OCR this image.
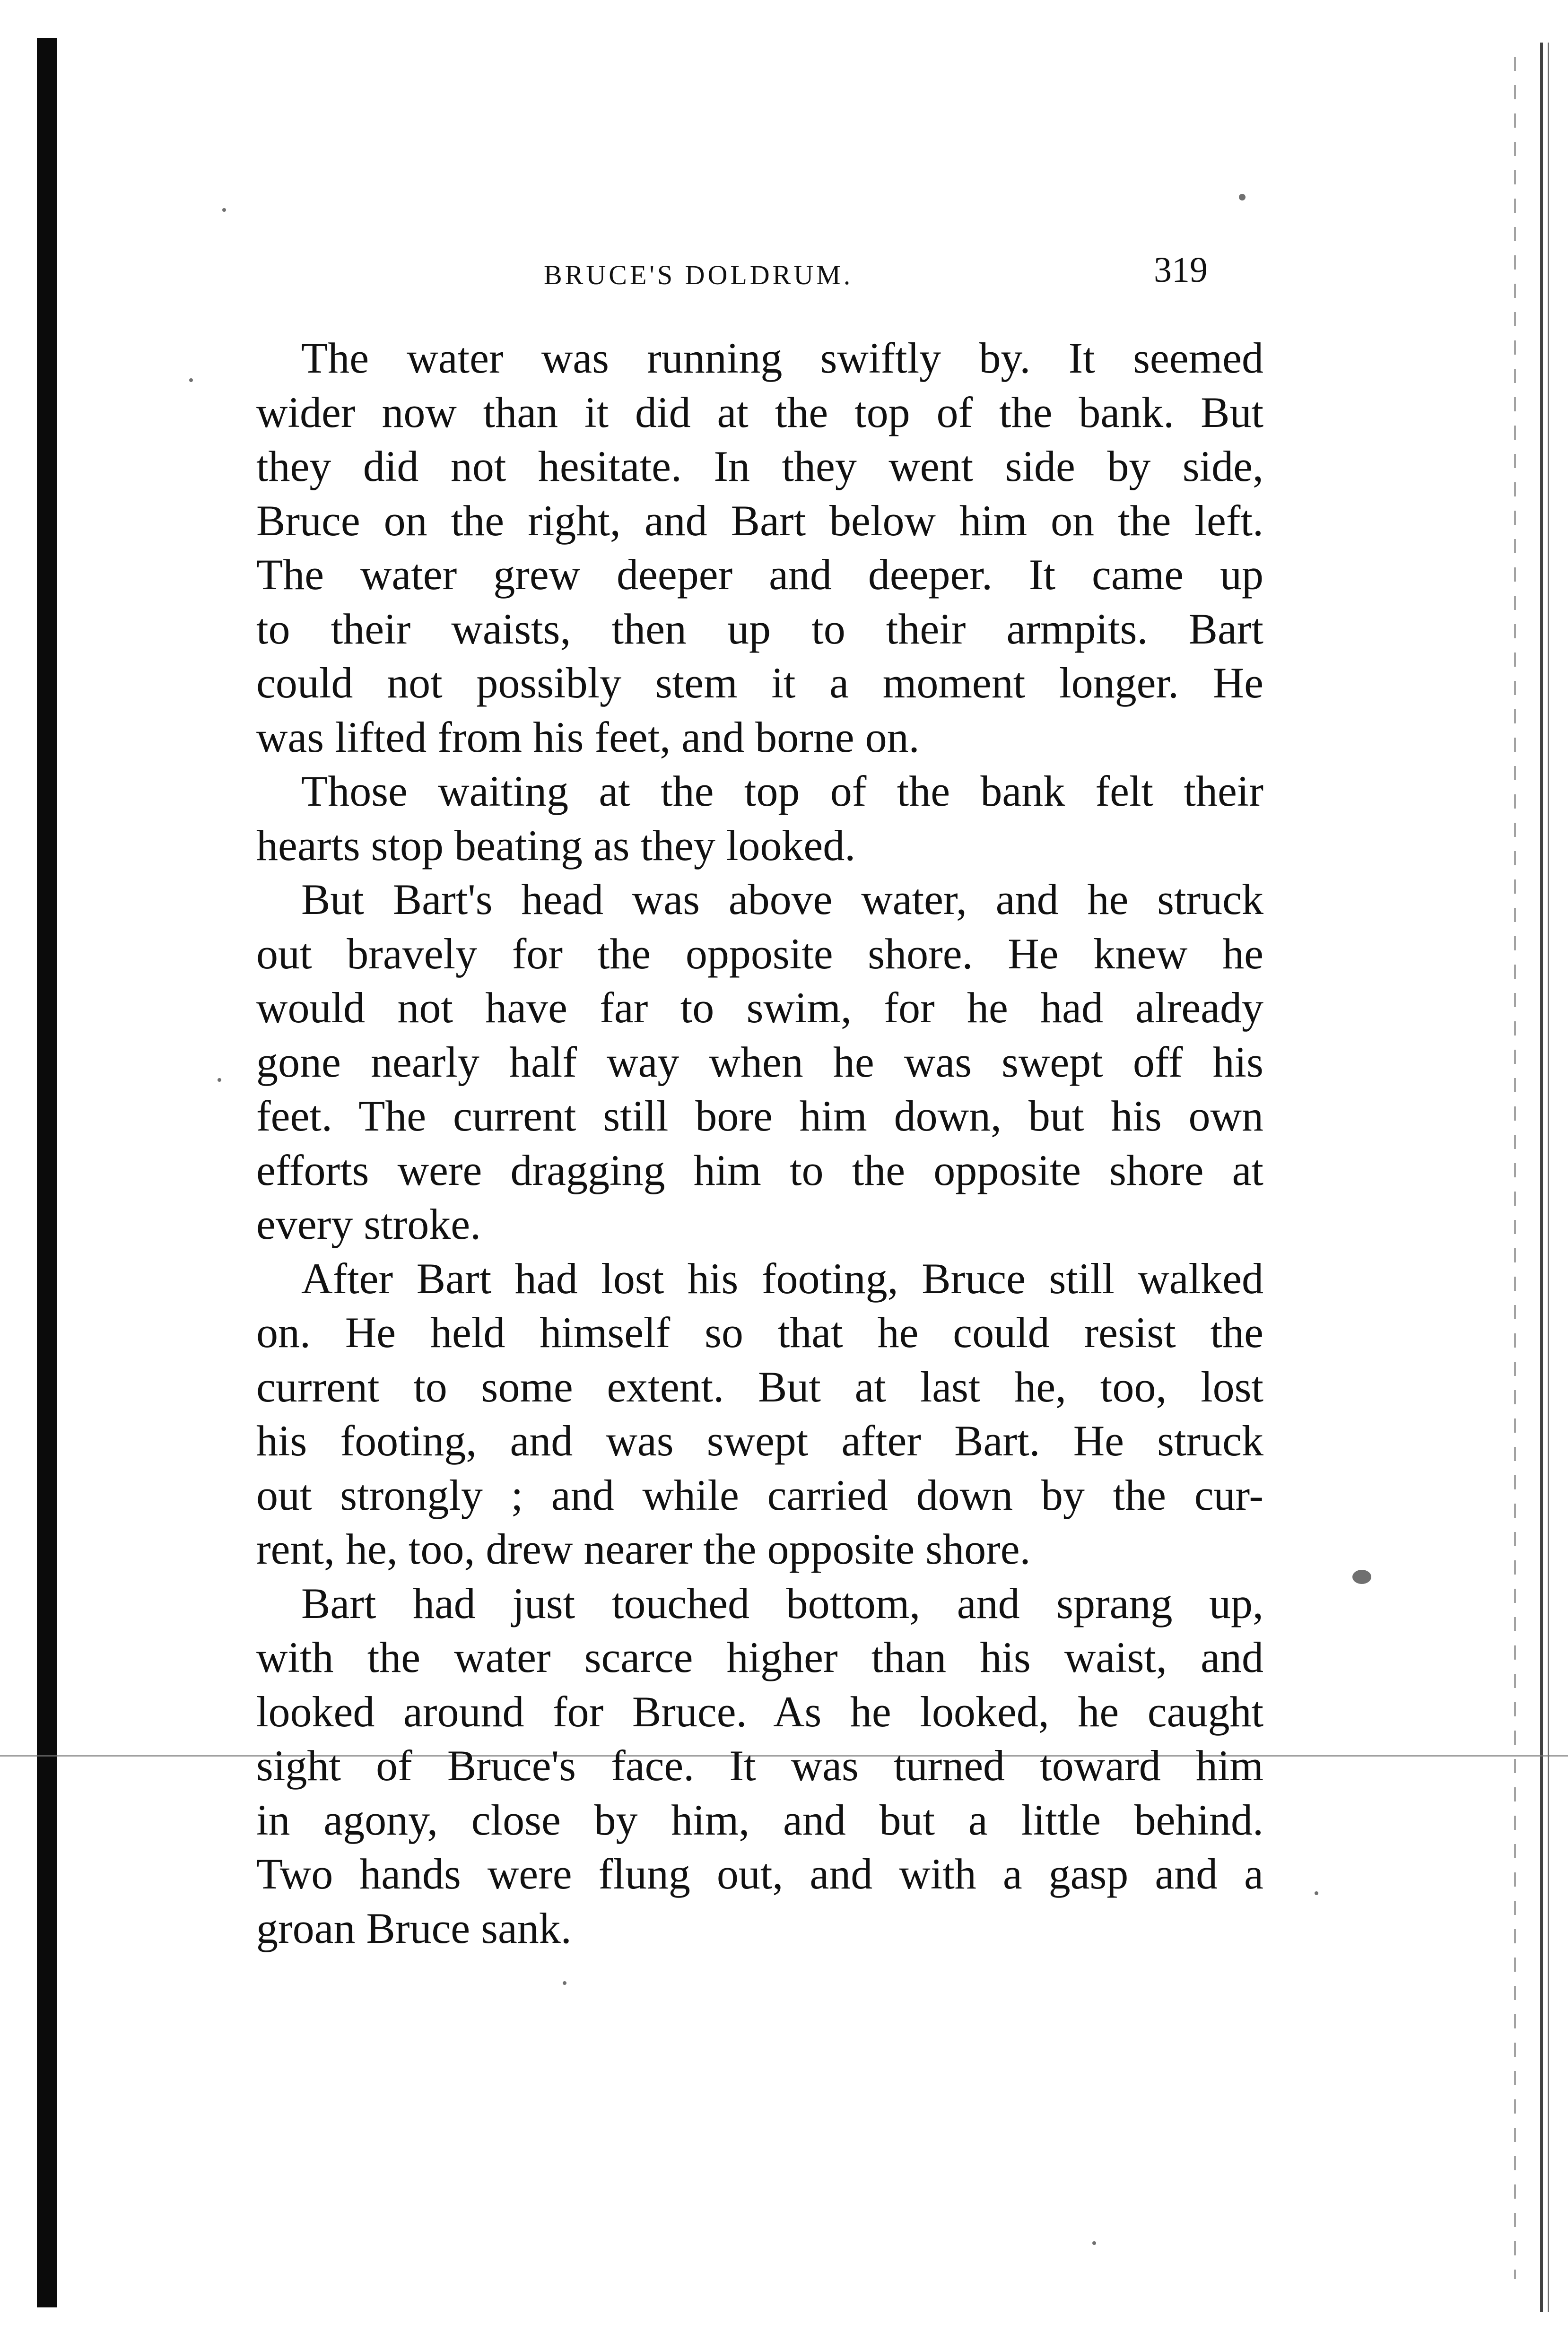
BRUCE'S DOLDRUM.	319
The water was running swiftly by. It seemed
wider now than it did at the top of the bank. But
they did not hesitate. In they went side by side,
Bruce on the right, and Bart below him on the left.
The water grew deeper and deeper. It came up
to their waists, then up to their armpits. Bart
could not possibly stem it a moment longer. He
was lifted from his feet, and borne on.
Those waiting at the top of the bank felt their
hearts stop beating as they looked.
But Bart's head was above water, and he struck
out bravely for the opposite shore. He knew he
would not have far to swim, for he had already
gone nearly half way when he was swept off his
feet. The current still bore him down, but his own
efforts were dragging him to the opposite shore at
every stroke.
After Bart had lost his footing, Bruce still walked
on. He held himself so that he could resist the
current to some extent. But at last he, too, lost
his footing, and was swept after Bart. He struck
out strongly ; and while carried down by the cur-
rent, he, too, drew nearer the opposite shore.
Bart had just touched bottom, and sprang up,
with the water scarce higher than his waist, and
looked around for Bruce. As he looked, he caught
sight of Bruce's face. It was turned toward him
in agony, close by him, and but a little behind.
Two hands were flung out, and with a gasp and a
groan Bruce sank.
